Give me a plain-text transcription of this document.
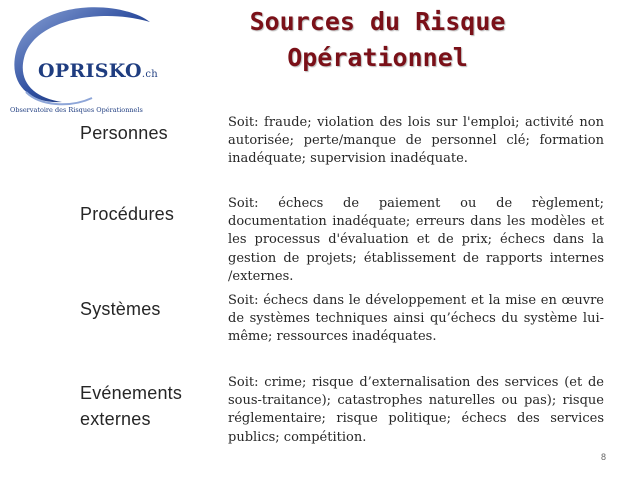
OPRISKO.ch
Observatoire des Risques Opérationnels
Sources du Risque
Opérationnel
Personnes
Soit: fraude; violation des lois sur l'emploi; activité non autorisée; perte/manque de personnel clé; formation inadéquate; supervision inadéquate.
Procédures
Soit: échecs de paiement ou de règlement; documentation inadéquate; erreurs dans les modèles et les processus d'évaluation et de prix; échecs dans la gestion de projets; établissement de rapports internes /externes.
Systèmes	Soit: échecs dans le développement et la mise en œuvre de systèmes techniques ainsi qu’échecs du système lui-même; ressources inadéquates.
Evénements
externes
Soit: crime; risque d’externalisation des services (et de sous-traitance); catastrophes naturelles ou pas); risque réglementaire; risque politique; échecs des services publics; compétition.
8
